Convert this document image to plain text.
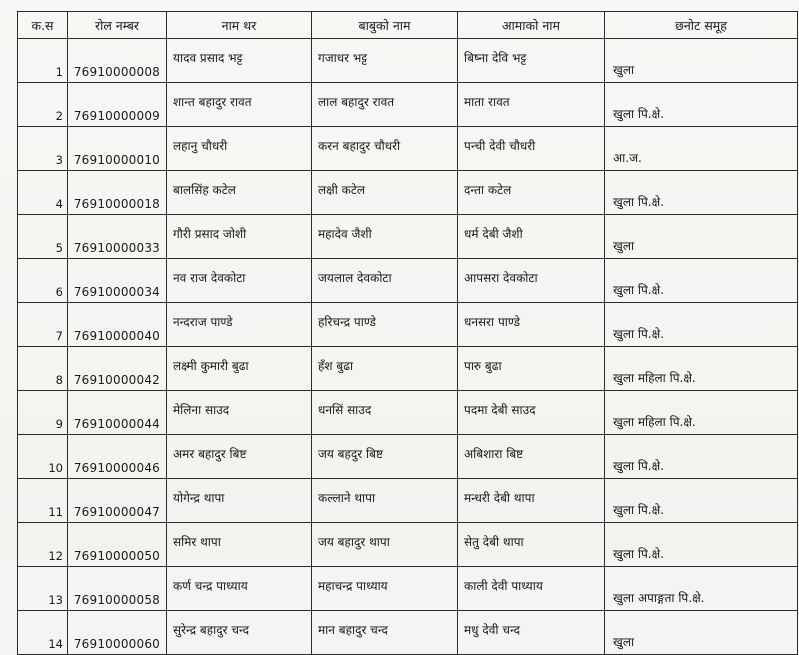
क.स	रोल नम्बर	नाम थर	बाबुको नाम	आमाको नाम	छनोट समूह
1	76910000008	यादव प्रसाद भट्ट	गजाधर भट्ट	बिष्ना देवि भट्ट	खुला
2	76910000009	शान्त बहादुर रावत	लाल बहादुर रावत	माता रावत	खुला पि.क्षे.
3	76910000010	लहानु चौधरी	करन बहादुर चौधरी	पन्ची देवी चौधरी	आ.ज.
4	76910000018	बालसिंह कटेल	लक्षी कटेल	दन्ता कटेल	खुला पि.क्षे.
5	76910000033	गौरी प्रसाद जोशी	महादेव जैशी	धर्म देबी जैशी	खुला
6	76910000034	नव राज देवकोटा	जयलाल देवकोटा	आपसरा देवकोटा	खुला पि.क्षे.
7	76910000040	नन्दराज पाण्डे	हरिचन्द्र पाण्डे	धनसरा पाण्डे	खुला पि.क्षे.
8	76910000042	लक्ष्मी कुमारी बुढा	हँश बुढा	पारु बुढा	खुला महिला पि.क्षे.
9	76910000044	मेलिना साउद	धनसिं साउद	पदमा देबी साउद	खुला महिला पि.क्षे.
10	76910000046	अमर बहादुर बिष्ट	जय बहदुर बिष्ट	अबिशारा बिष्ट	खुला पि.क्षे.
11	76910000047	योगेन्द्र थापा	कल्लाने थापा	मन्धरी देबी थापा	खुला पि.क्षे.
12	76910000050	समिर थापा	जय बहादुर थापा	सेतु देबी थापा	खुला पि.क्षे.
13	76910000058	कर्ण चन्द्र पाध्याय	महाचन्द्र पाध्याय	काली देवी पाध्याय	खुला अपाङ्गता पि.क्षे.
14	76910000060	सुरेन्द्र बहादुर चन्द	मान बहादुर चन्द	मधु देवी चन्द	खुला
